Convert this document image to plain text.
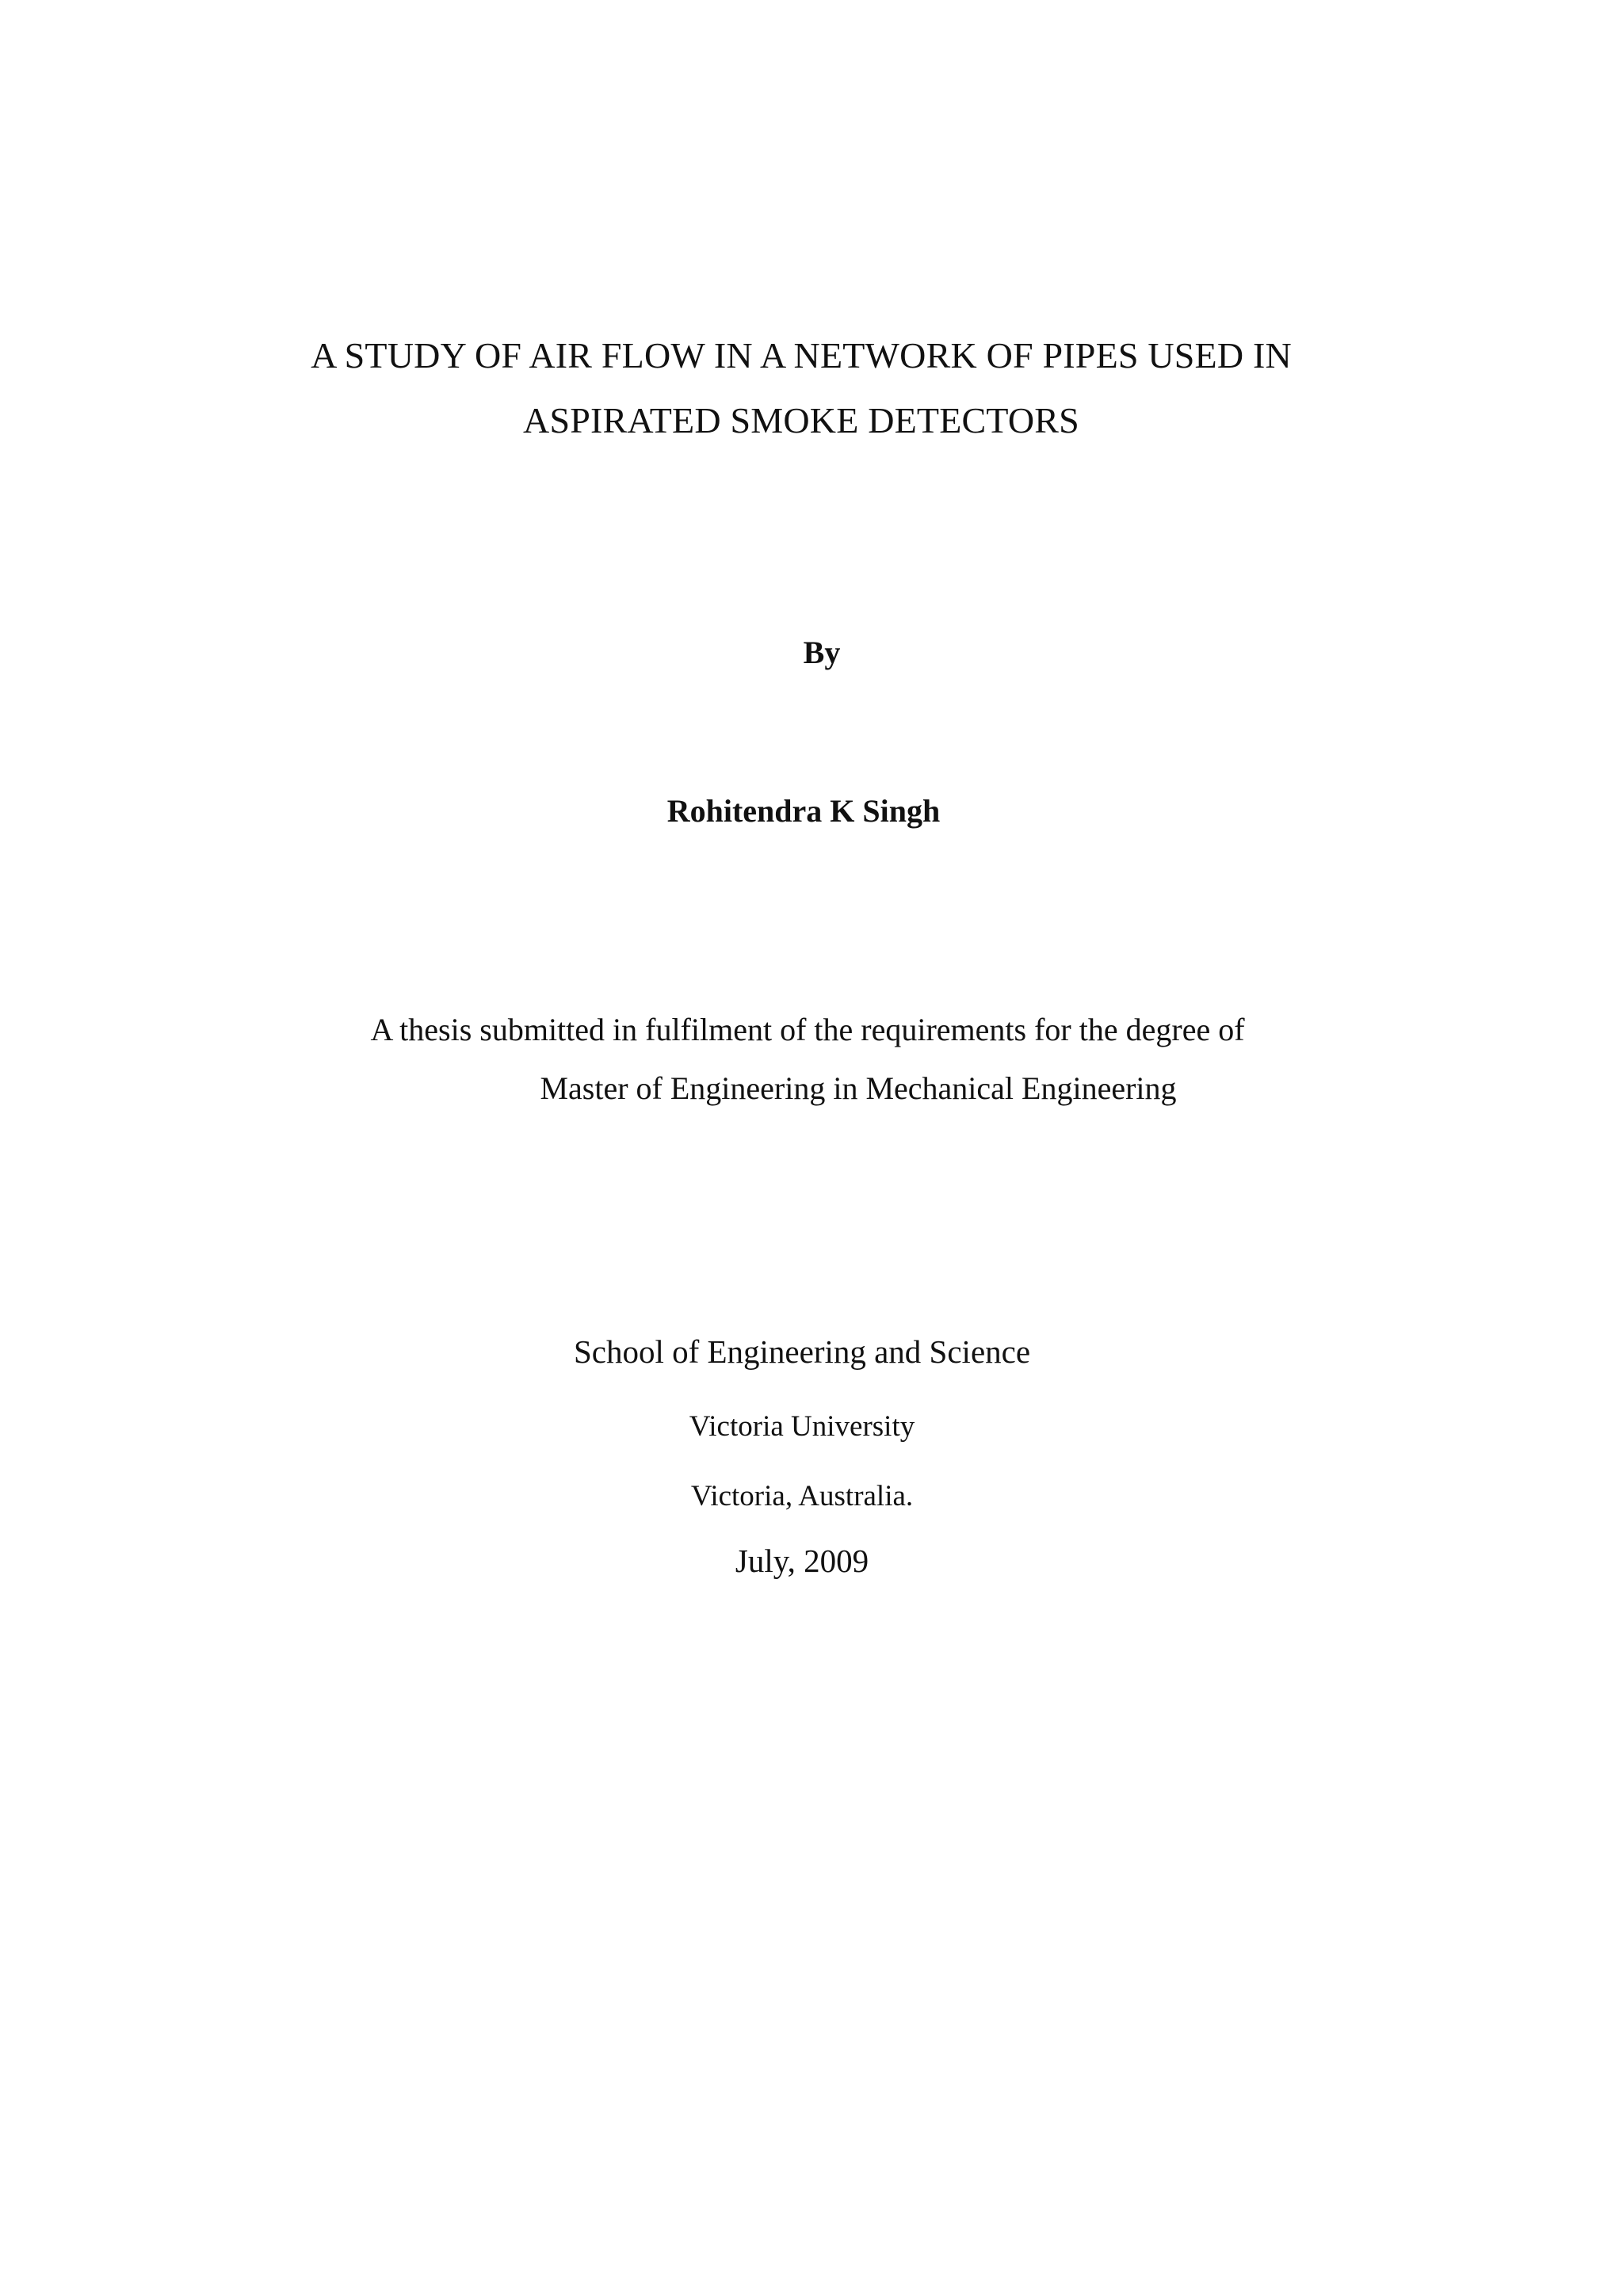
A STUDY OF AIR FLOW IN A NETWORK OF PIPES USED IN
ASPIRATED SMOKE DETECTORS
By
Rohitendra K Singh
A thesis submitted in fulfilment of the requirements for the degree of
Master of Engineering in Mechanical Engineering
School of Engineering and Science
Victoria University
Victoria, Australia.
July, 2009
